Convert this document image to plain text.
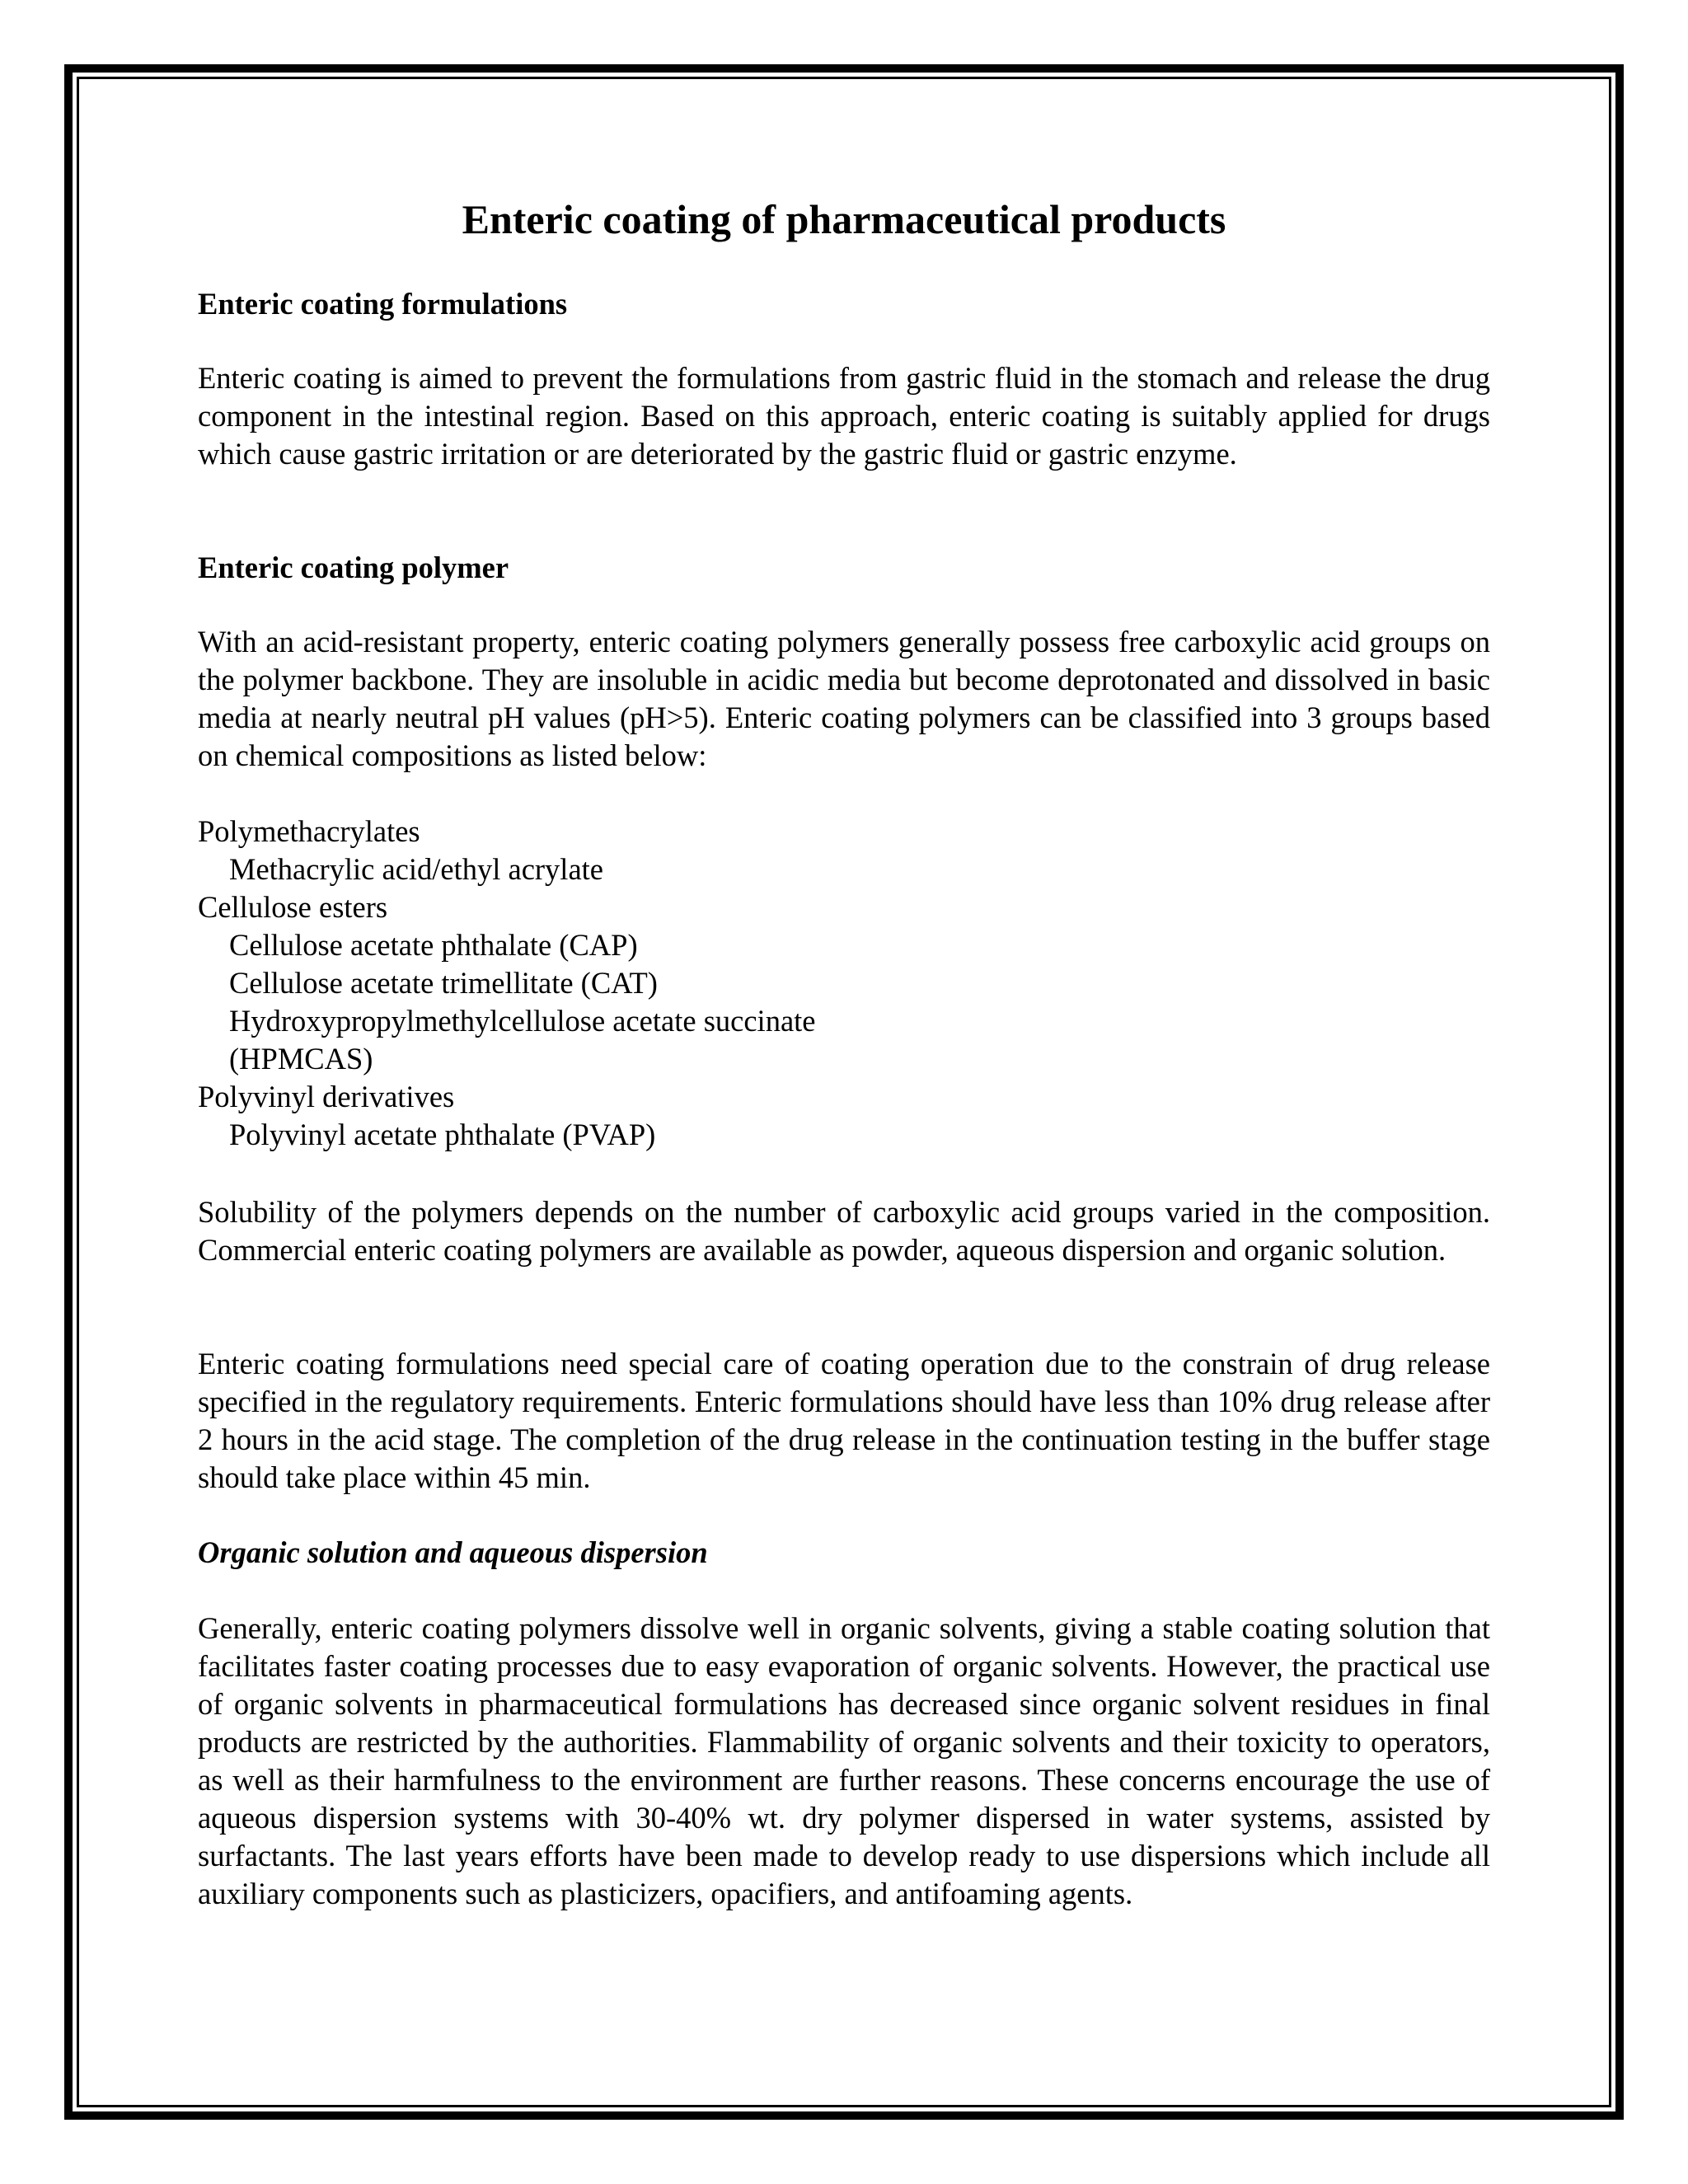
Enteric coating of pharmaceutical products
Enteric coating formulations

Enteric coating is aimed to prevent the formulations from gastric fluid in the stomach and release the drug component in the intestinal region. Based on this approach, enteric coating is suitably applied for drugs which cause gastric irritation or are deteriorated by the gastric fluid or gastric enzyme.

Enteric coating polymer

With an acid-resistant property, enteric coating polymers generally possess free carboxylic acid groups on the polymer backbone. They are insoluble in acidic media but become deprotonated and dissolved in basic media at nearly neutral pH values (pH>5). Enteric coating polymers can be classified into 3 groups based on chemical compositions as listed below:

Polymethacrylates
Methacrylic acid/ethyl acrylate
Cellulose esters
Cellulose acetate phthalate (CAP)
Cellulose acetate trimellitate (CAT)
Hydroxypropylmethylcellulose acetate succinate
(HPMCAS)
Polyvinyl derivatives
Polyvinyl acetate phthalate (PVAP)

Solubility of the polymers depends on the number of carboxylic acid groups varied in the composition. Commercial enteric coating polymers are available as powder, aqueous dispersion and organic solution.

Enteric coating formulations need special care of coating operation due to the constrain of drug release specified in the regulatory requirements. Enteric formulations should have less than 10% drug release after 2 hours in the acid stage. The completion of the drug release in the continuation testing in the buffer stage should take place within 45 min.

Organic solution and aqueous dispersion

Generally, enteric coating polymers dissolve well in organic solvents, giving a stable coating solution that facilitates faster coating processes due to easy evaporation of organic solvents. However, the practical use of organic solvents in pharmaceutical formulations has decreased since organic solvent residues in final products are restricted by the authorities. Flammability of organic solvents and their toxicity to operators, as well as their harmfulness to the environment are further reasons. These concerns encourage the use of aqueous dispersion systems with 30-40% wt. dry polymer dispersed in water systems, assisted by surfactants. The last years efforts have been made to develop ready to use dispersions which include all auxiliary components such as plasticizers, opacifiers, and antifoaming agents.
